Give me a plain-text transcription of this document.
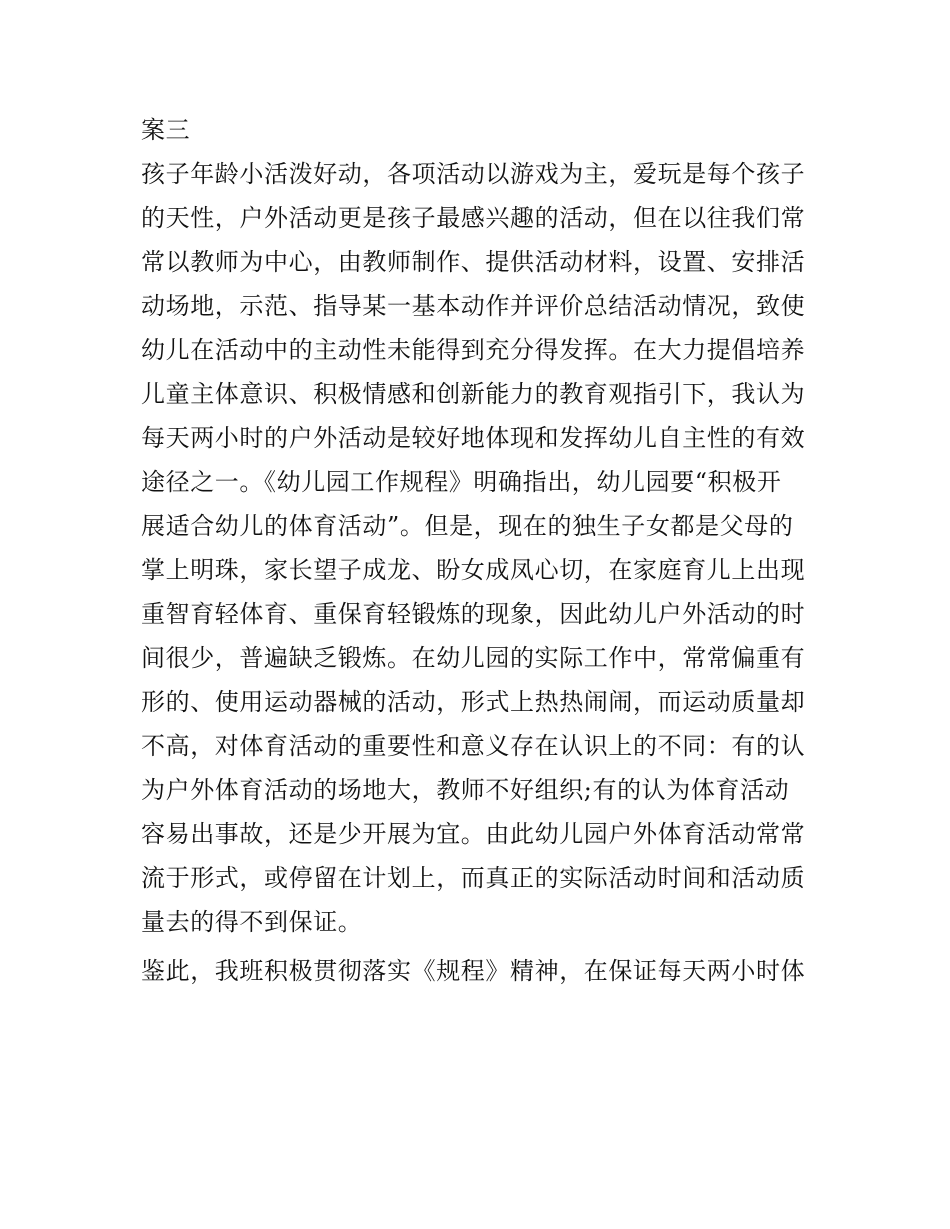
案三
孩子年龄小活泼好动，各项活动以游戏为主，爱玩是每个孩子
的天性，户外活动更是孩子最感兴趣的活动，但在以往我们常
常以教师为中心，由教师制作、提供活动材料，设置、安排活
动场地，示范、指导某一基本动作并评价总结活动情况，致使
幼儿在活动中的主动性未能得到充分得发挥。在大力提倡培养
儿童主体意识、积极情感和创新能力的教育观指引下，我认为
每天两小时的户外活动是较好地体现和发挥幼儿自主性的有效
途径之一。《幼儿园工作规程》明确指出，幼儿园要“积极开
展适合幼儿的体育活动”。但是，现在的独生子女都是父母的
掌上明珠，家长望子成龙、盼女成凤心切，在家庭育儿上出现
重智育轻体育、重保育轻锻炼的现象，因此幼儿户外活动的时
间很少，普遍缺乏锻炼。在幼儿园的实际工作中，常常偏重有
形的、使用运动器械的活动，形式上热热闹闹，而运动质量却
不高，对体育活动的重要性和意义存在认识上的不同：有的认
为户外体育活动的场地大，教师不好组织;有的认为体育活动
容易出事故，还是少开展为宜。由此幼儿园户外体育活动常常
流于形式，或停留在计划上，而真正的实际活动时间和活动质
量去的得不到保证。
鉴此，我班积极贯彻落实《规程》精神，在保证每天两小时体
